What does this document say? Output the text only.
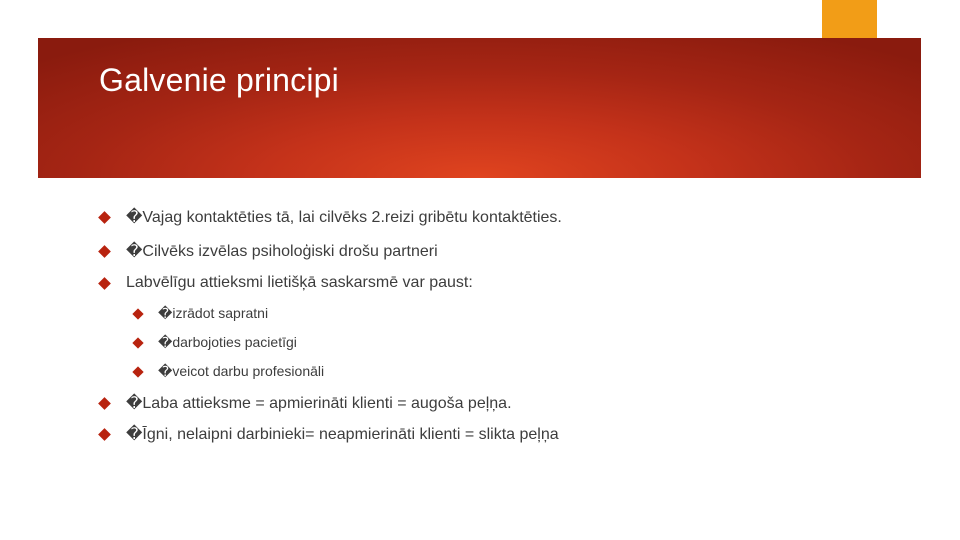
Galvenie principi
�Vajag kontaktēties tā, lai cilvēks 2.reizi gribētu kontaktēties.
�Cilvēks izvēlas psiholoģiski drošu partneri
Labvēlīgu attieksmi lietišķā saskarsmē var paust:
�izrādot sapratni
�darbojoties pacietīgi
�veicot darbu profesionāli
�Laba attieksme = apmierināti klienti = augoša peļņa.
�Īgni, nelaipni darbinieki= neapmierināti klienti = slikta peļņa
